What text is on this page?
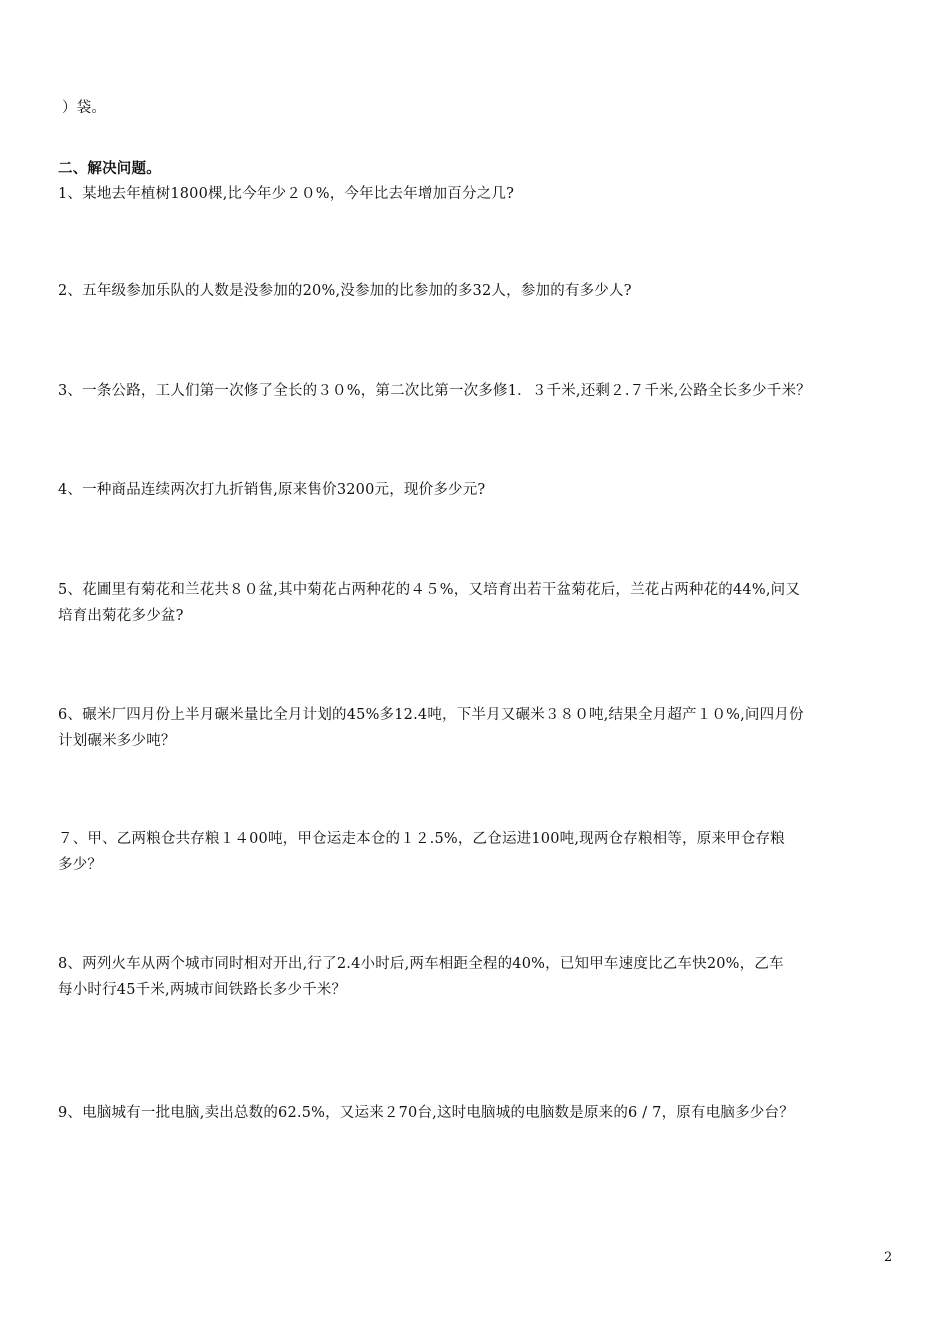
）袋。
二、解决问题。
1、某地去年植树1800棵,比今年少２０%，今年比去年增加百分之几?
2、五年级参加乐队的人数是没参加的20%,没参加的比参加的多32人，参加的有多少人?
3、一条公路，工人们第一次修了全长的３０%，第二次比第一次多修1．３千米,还剩２.７千米,公路全长多少千米？
4、一种商品连续两次打九折销售,原来售价3200元，现价多少元?
5、花圃里有菊花和兰花共８０盆,其中菊花占两种花的４５%，又培育出若干盆菊花后，兰花占两种花的44%,问又
培育出菊花多少盆?
6、碾米厂四月份上半月碾米量比全月计划的45%多12.4吨，下半月又碾米３８０吨,结果全月超产１０%,问四月份
计划碾米多少吨？
７、甲、乙两粮仓共存粮１４00吨，甲仓运走本仓的１２.5%，乙仓运进100吨,现两仓存粮相等，原来甲仓存粮
多少？
8、两列火车从两个城市同时相对开出,行了2.4小时后,两车相距全程的40%，已知甲车速度比乙车快20%，乙车
每小时行45千米,两城市间铁路长多少千米？
9、电脑城有一批电脑,卖出总数的62.5%，又运来２70台,这时电脑城的电脑数是原来的6 / 7，原有电脑多少台？
2
